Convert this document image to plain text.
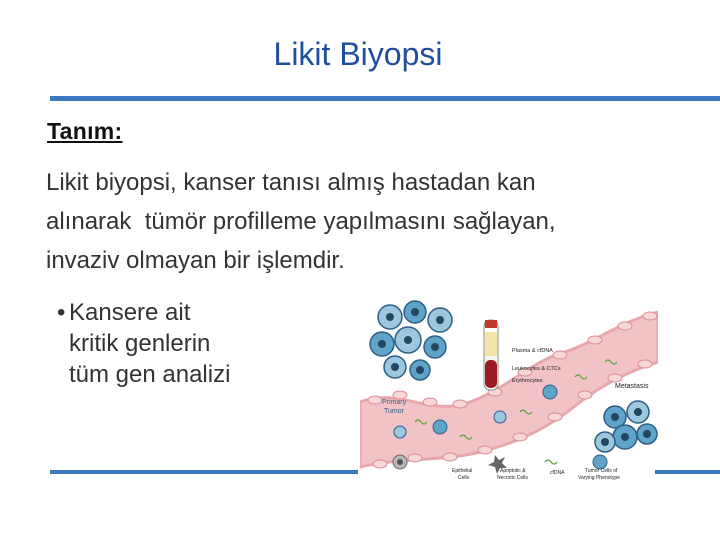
Likit Biyopsi
Tanım:
Likit biyopsi, kanser tanısı almış hastadan kan
alınarak  tümör profilleme yapılmasını sağlayan,
invaziv olmayan bir işlemdir.
• Kansere ait
kritik genlerin
tüm gen analizi
Primary
Tumor
Plasma & cfDNA
Leukocytes & CTCs
Erythrocytes
Metastasis
Epithelial
Cells
Apoptotic &
Necrotic Cells
cfDNA	Tumor Cells of
Varying Phenotype
